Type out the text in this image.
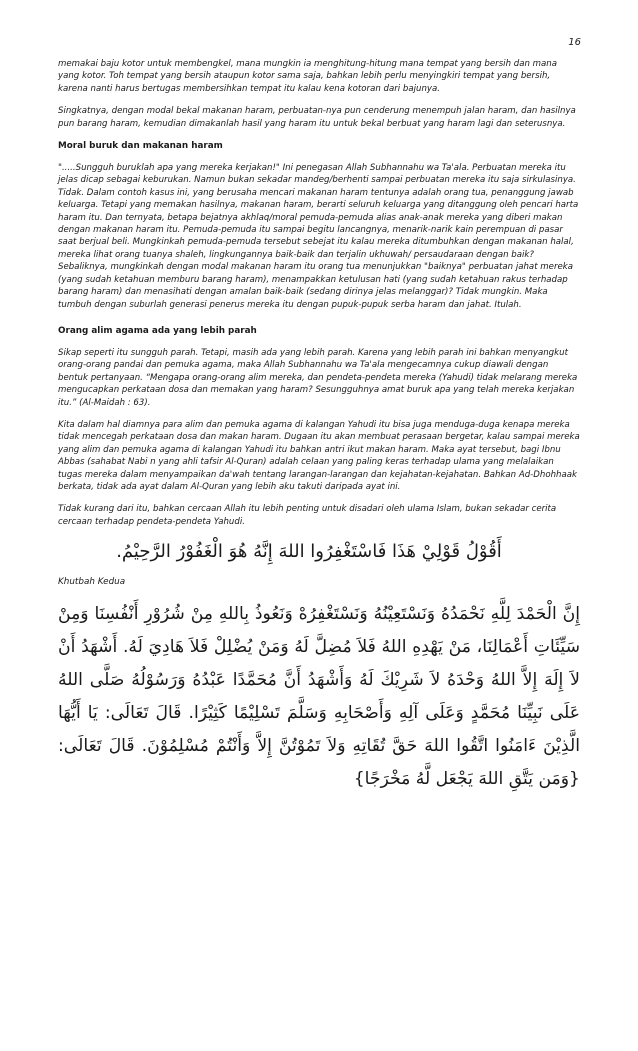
16

memakai baju kotor untuk membengkel, mana mungkin ia menghitung-hitung mana tempat yang bersih dan mana yang kotor. Toh tempat yang bersih ataupun kotor sama saja, bahkan lebih perlu menyingkiri tempat yang bersih, karena nanti harus bertugas membersihkan tempat itu kalau kena kotoran dari bajunya.

Singkatnya, dengan modal bekal makanan haram, perbuatan-nya pun cenderung menempuh jalan haram, dan hasilnya pun barang haram, kemudian dimakanlah hasil yang haram itu untuk bekal berbuat yang haram lagi dan seterusnya.

Moral buruk dan makanan haram

".....Sungguh buruklah apa yang mereka kerjakan!" Ini penegasan Allah Subhannahu wa Ta'ala. Perbuatan mereka itu jelas dicap sebagai keburukan. Namun bukan sekadar mandeg/berhenti sampai perbuatan mereka itu saja sirkulasinya. Tidak. Dalam contoh kasus ini, yang berusaha mencari makanan haram tentunya adalah orang tua, penanggung jawab keluarga. Tetapi yang memakan hasilnya, makanan haram, berarti seluruh keluarga yang ditanggung oleh pencari harta haram itu. Dan ternyata, betapa bejatnya akhlaq/moral pemuda-pemuda alias anak-anak mereka yang diberi makan dengan makanan haram itu. Pemuda-pemuda itu sampai begitu lancangnya, menarik-narik kain perempuan di pasar saat berjual beli. Mungkinkah pemuda-pemuda tersebut sebejat itu kalau mereka ditumbuhkan dengan makanan halal, mereka lihat orang tuanya shaleh, lingkungannya baik-baik dan terjalin ukhuwah/ persaudaraan dengan baik? Sebaliknya, mungkinkah dengan modal makanan haram itu orang tua menunjukkan "baiknya" perbuatan jahat mereka (yang sudah ketahuan memburu barang haram), menampakkan ketulusan hati (yang sudah ketahuan rakus terhadap barang haram) dan menasihati dengan amalan baik-baik (sedang dirinya jelas melanggar)? Tidak mungkin. Maka tumbuh dengan suburlah generasi penerus mereka itu dengan pupuk-pupuk serba haram dan jahat. Itulah.

Orang alim agama ada yang lebih parah

Sikap seperti itu sungguh parah. Tetapi, masih ada yang lebih parah. Karena yang lebih parah ini bahkan menyangkut orang-orang pandai dan pemuka agama, maka Allah Subhannahu wa Ta'ala mengecamnya cukup diawali dengan bentuk pertanyaan. “Mengapa orang-orang alim mereka, dan pendeta-pendeta mereka (Yahudi) tidak melarang mereka mengucapkan perkataan dosa dan memakan yang haram? Sesungguhnya amat buruk apa yang telah mereka kerjakan itu.” (Al-Maidah : 63).

Kita dalam hal diamnya para alim dan pemuka agama di kalangan Yahudi itu bisa juga menduga-duga kenapa mereka tidak mencegah perkataan dosa dan makan haram. Dugaan itu akan membuat perasaan bergetar, kalau sampai mereka yang alim dan pemuka agama di kalangan Yahudi itu bahkan antri ikut makan haram. Maka ayat tersebut, bagi Ibnu Abbas (sahabat Nabi n yang ahli tafsir Al-Quran) adalah celaan yang paling keras terhadap ulama yang melalaikan tugas mereka dalam menyampaikan da'wah tentang larangan-larangan dan kejahatan-kejahatan. Bahkan Ad-Dhohhaak berkata, tidak ada ayat dalam Al-Quran yang lebih aku takuti daripada ayat ini.

Tidak kurang dari itu, bahkan cercaan Allah itu lebih penting untuk disadari oleh ulama Islam, bukan sekadar cerita cercaan terhadap pendeta-pendeta Yahudi.

أَقُوْلُ قَوْلِيْ هَذَا فَاسْتَغْفِرُوا اللهَ إِنَّهُ هُوَ الْغَفُوْرُ الرَّحِيْمُ.

Khutbah Kedua

إِنَّ الْحَمْدَ لِلَّهِ نَحْمَدُهُ وَنَسْتَعِيْنُهُ وَنَسْتَغْفِرُهْ وَنَعُوذُ بِاللهِ مِنْ شُرُوْرِ أَنْفُسِنَا وَمِنْ سَيِّئَاتِ أَعْمَالِنَا، مَنْ يَهْدِهِ اللهُ فَلاَ مُضِلَّ لَهُ وَمَنْ يُضْلِلْ فَلاَ هَادِيَ لَهُ. أَشْهَدُ أَنْ لاَ إِلَهَ إِلاَّ اللهُ وَحْدَهُ لاَ شَرِيْكَ لَهُ وَأَشْهَدُ أَنَّ مُحَمَّدًا عَبْدُهُ وَرَسُوْلُهُ صَلَّى اللهُ عَلَى نَبِيِّنَا مُحَمَّدٍ وَعَلَى آلِهِ وَأَصْحَابِهِ وَسَلَّمَ تَسْلِيْمًا كَثِيْرًا. قَالَ تَعَالَى: يَا أَيُّهَا الَّذِيْنَ ءَامَنُوا اتَّقُوا اللهَ حَقَّ تُقَاتِهِ وَلاَ تَمُوْتُنَّ إِلاَّ وَأَنْتُمْ مُسْلِمُوْنَ. قَالَ تَعَالَى: {وَمَن يَتَّقِ اللهَ يَجْعَل لَّهُ مَخْرَجًا}
